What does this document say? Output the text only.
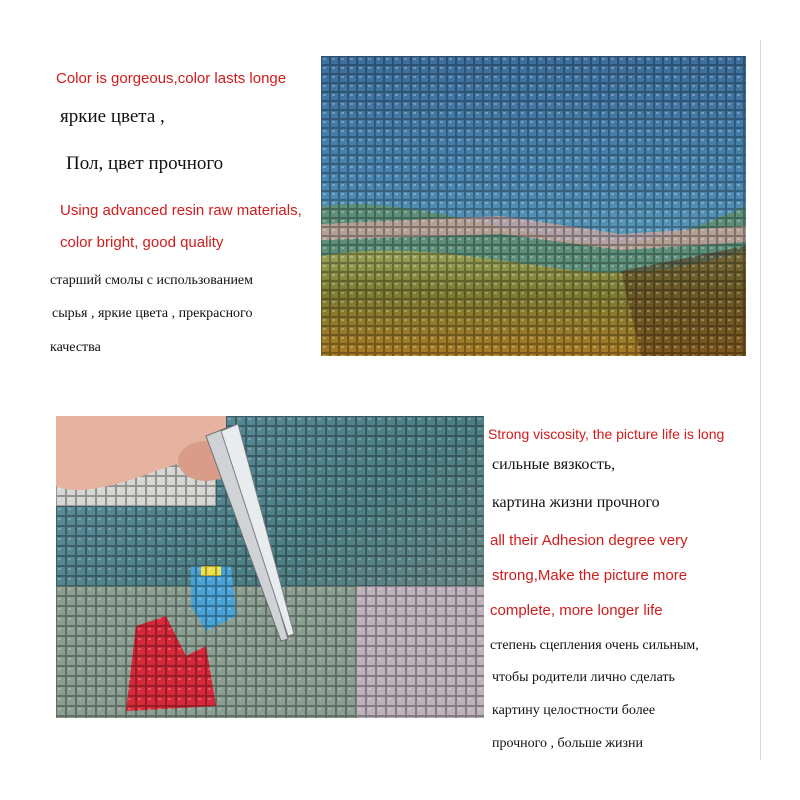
Color is gorgeous,color lasts longe
яркие цвета ,
Пол, цвет прочного
Using advanced resin raw materials,
color bright, good quality
старший смолы с использованием
сырья , яркие цвета , прекрасного
качества
Strong viscosity, the picture life is long
сильные вязкость,
картина жизни прочного
all their Adhesion degree very
strong,Make the picture more
complete, more longer life
степень сцепления очень сильным,
чтобы родители лично сделать
картину целостности более
прочного , больше жизни
